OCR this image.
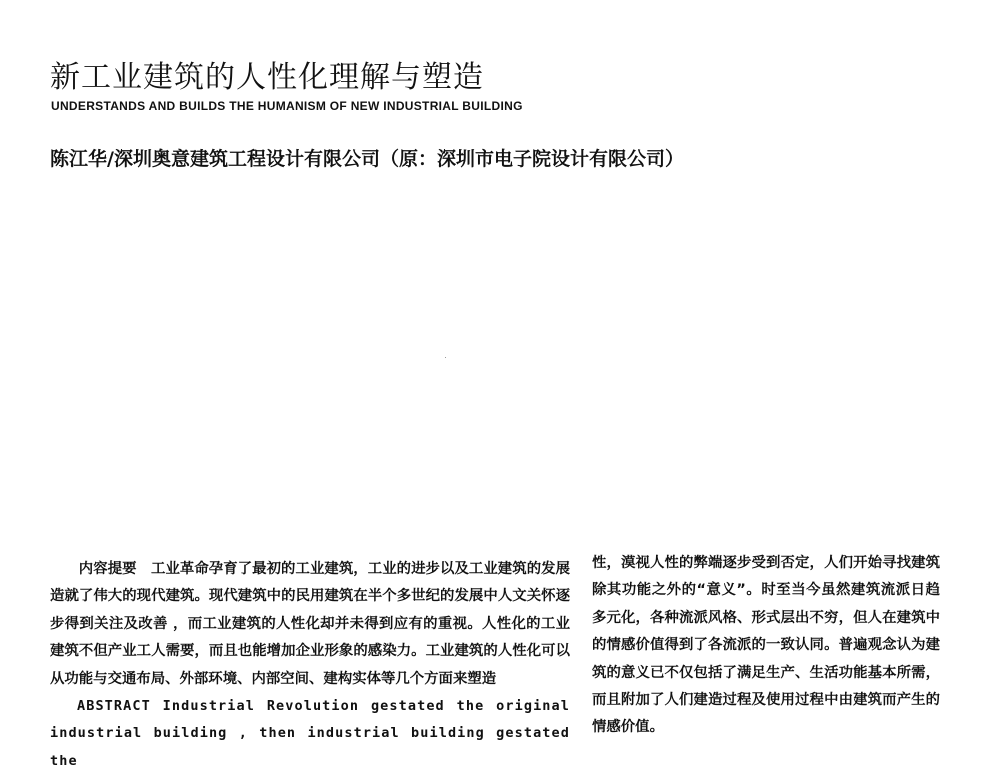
新工业建筑的人性化理解与塑造
UNDERSTANDS AND BUILDS THE HUMANISM OF NEW INDUSTRIAL BUILDING
陈江华/深圳奥意建筑工程设计有限公司（原：深圳市电子院设计有限公司）

内容提要 工业革命孕育了最初的工业建筑，工业的进步以及工业建筑的发展造就了伟大的现代建筑。现代建筑中的民用建筑在半个多世纪的发展中人文关怀逐步得到关注及改善 ，而工业建筑的人性化却并未得到应有的重视。人性化的工业建筑不但产业工人需要，而且也能增加企业形象的感染力。工业建筑的人性化可以从功能与交通布局、外部环境、内部空间、建构实体等几个方面来塑造

ABSTRACT Industrial Revolution gestated the original industrial building , then industrial building gestated the

性，漠视人性的弊端逐步受到否定，人们开始寻找建筑除其功能之外的“意义”。时至当今虽然建筑流派日趋多元化，各种流派风格、形式层出不穷，但人在建筑中的情感价值得到了各流派的一致认同。普遍观念认为建筑的意义已不仅包括了满足生产、生活功能基本所需，而且附加了人们建造过程及使用过程中由建筑而产生的情感价值。
